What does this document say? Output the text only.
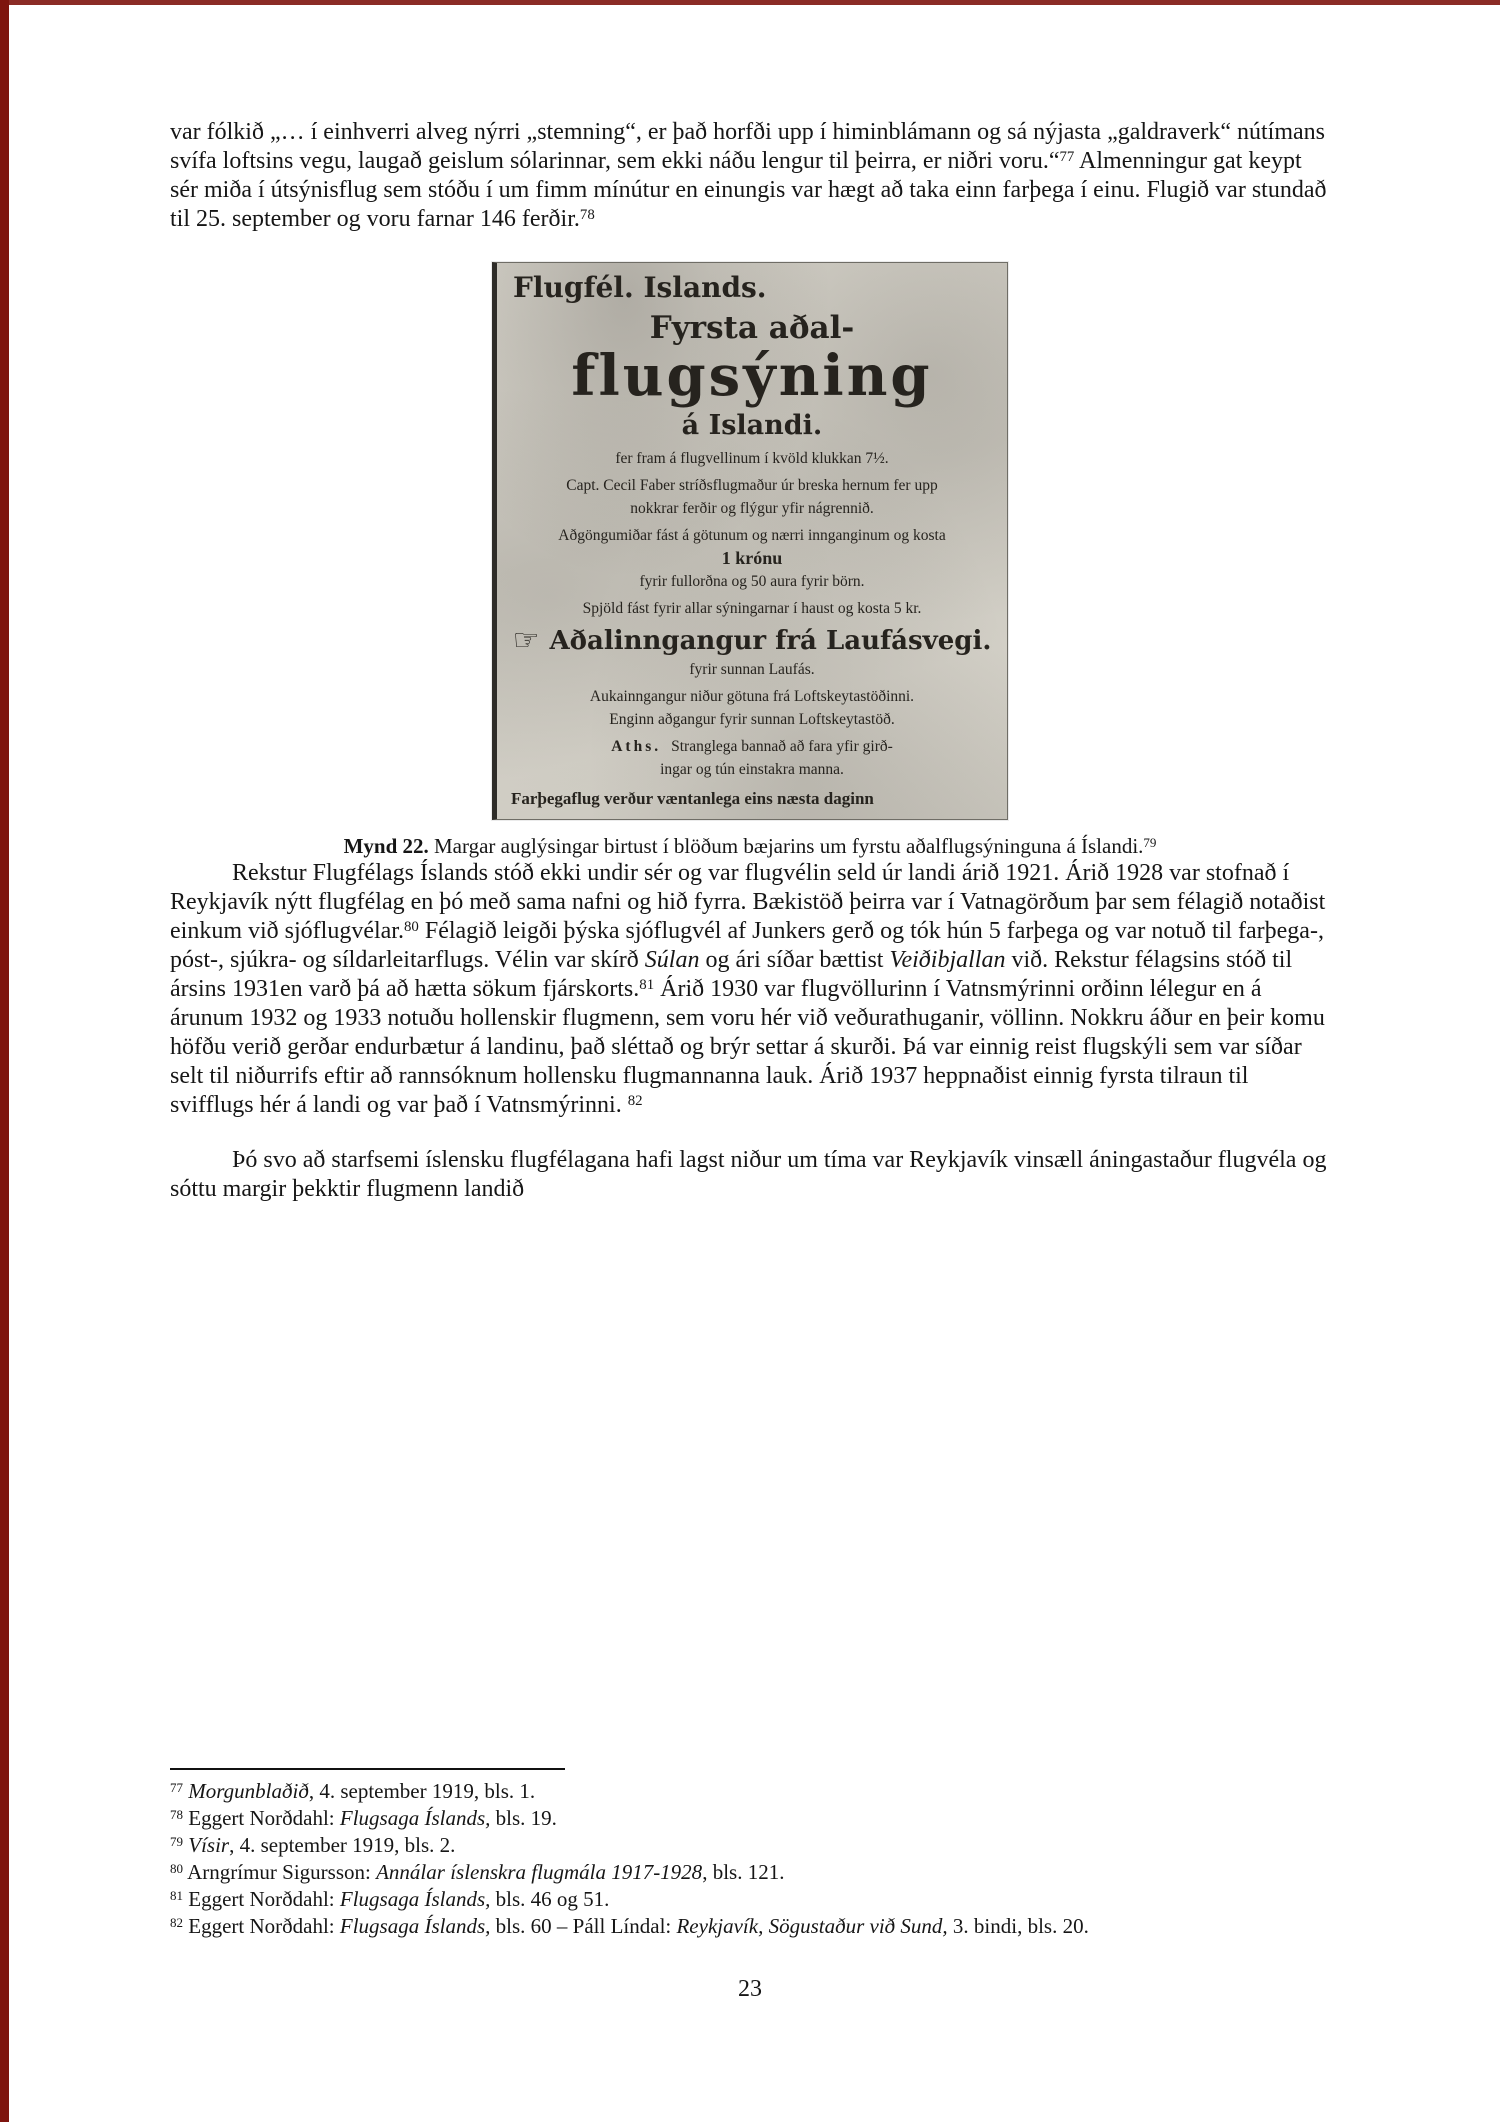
var fólkið „… í einhverri alveg nýrri „stemning“, er það horfði upp í himinblámann og sá nýjasta „galdraverk“ nútímans svífa loftsins vegu, laugað geislum sólarinnar, sem ekki náðu lengur til þeirra, er niðri voru.“$^{77}$ Almenningur gat keypt sér miða í útsýnisflug sem stóðu í um fimm mínútur en einungis var hægt að taka einn farþega í einu. Flugið var stundað til 25. september og voru farnar 146 ferðir.$^{78}$

Flugfél. Islands.
Fyrsta aðal-
flugsýning
á Islandi.
fer fram á flugvellinum í kvöld klukkan 7½.
Capt. Cecil Faber stríðsflugmaður úr breska hernum fer upp
nokkrar ferðir og flýgur yfir nágrennið.
Aðgöngumiðar fást á götunum og nærri innganginum og kosta
1 krónu
fyrir fullorðna og 50 aura fyrir börn.
Spjöld fást fyrir allar sýningarnar í haust og kosta 5 kr.
☞ Aðalinngangur frá Laufásvegi.
fyrir sunnan Laufás.
Aukainngangur niður götuna frá Loftskeytastöðinni.
Enginn aðgangur fyrir sunnan Loftskeytastöð.
Aths. Stranglega bannað að fara yfir girð-
ingar og tún einstakra manna.
Farþegaflug verður væntanlega eins næsta daginn
Mynd 22. Margar auglýsingar birtust í blöðum bæjarins um fyrstu aðalflugsýninguna á Íslandi.$^{79}$

Rekstur Flugfélags Íslands stóð ekki undir sér og var flugvélin seld úr landi árið 1921. Árið 1928 var stofnað í Reykjavík nýtt flugfélag en þó með sama nafni og hið fyrra. Bækistöð þeirra var í Vatnagörðum þar sem félagið notaðist einkum við sjóflugvélar.$^{80}$ Félagið leigði þýska sjóflugvél af Junkers gerð og tók hún 5 farþega og var notuð til farþega-, póst-, sjúkra- og síldarleitarflugs. Vélin var skírð Súlan og ári síðar bættist Veiðibjallan við. Rekstur félagsins stóð til ársins 1931en varð þá að hætta sökum fjárskorts.$^{81}$ Árið 1930 var flugvöllurinn í Vatnsmýrinni orðinn lélegur en á árunum 1932 og 1933 notuðu hollenskir flugmenn, sem voru hér við veðurathuganir, völlinn. Nokkru áður en þeir komu höfðu verið gerðar endurbætur á landinu, það sléttað og brýr settar á skurði. Þá var einnig reist flugskýli sem var síðar selt til niðurrifs eftir að rannsóknum hollensku flugmannanna lauk. Árið 1937 heppnaðist einnig fyrsta tilraun til svifflugs hér á landi og var það í Vatnsmýrinni. $^{82}$

Þó svo að starfsemi íslensku flugfélagana hafi lagst niður um tíma var Reykjavík vinsæll áningastaður flugvéla og sóttu margir þekktir flugmenn landið

$^{77}$ Morgunblaðið, 4. september 1919, bls. 1.
$^{78}$ Eggert Norðdahl: Flugsaga Íslands, bls. 19.
$^{79}$ Vísir, 4. september 1919, bls. 2.
$^{80}$ Arngrímur Sigursson: Annálar íslenskra flugmála 1917-1928, bls. 121.
$^{81}$ Eggert Norðdahl: Flugsaga Íslands, bls. 46 og 51.
$^{82}$ Eggert Norðdahl: Flugsaga Íslands, bls. 60 – Páll Líndal: Reykjavík, Sögustaður við Sund, 3. bindi, bls. 20.
23
